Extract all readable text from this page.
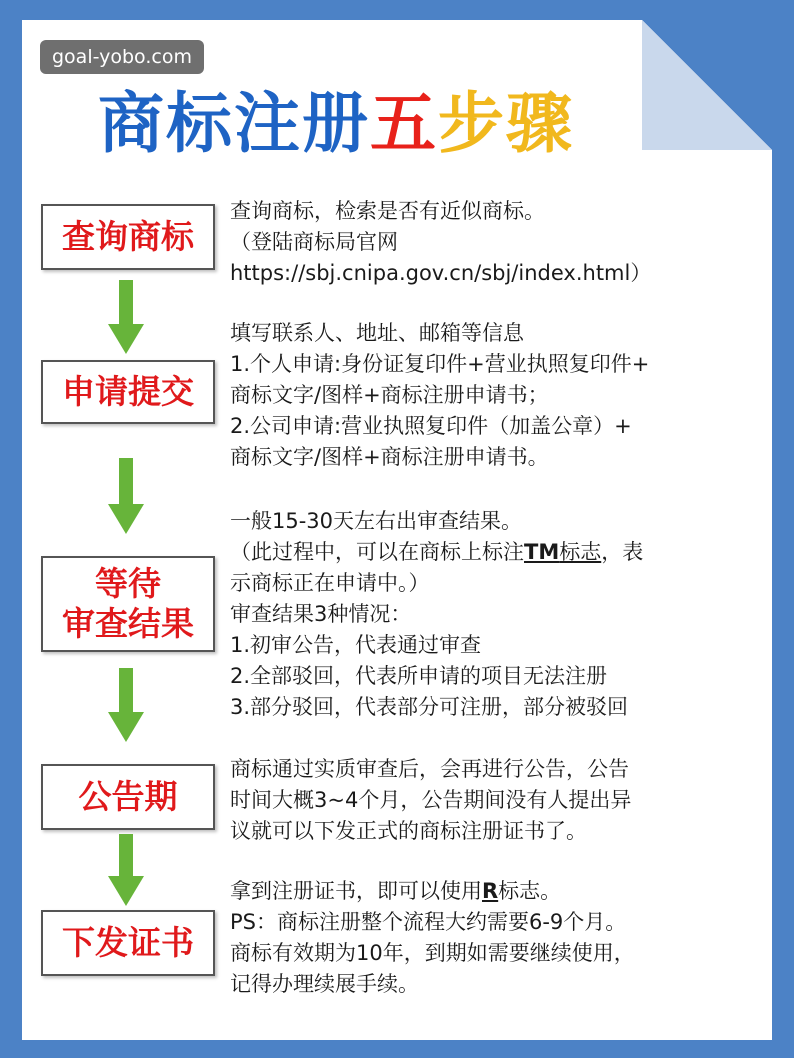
goal-yobo.com
商标注册五步骤
查询商标
查询商标，检索是否有近似商标。
（登陆商标局官网
https://sbj.cnipa.gov.cn/sbj/index.html）
申请提交
填写联系人、地址、邮箱等信息
1.个人申请:身份证复印件+营业执照复印件+
商标文字/图样+商标注册申请书；
2.公司申请:营业执照复印件（加盖公章）+
商标文字/图样+商标注册申请书。
等待
审查结果
一般15-30天左右出审查结果。
（此过程中，可以在商标上标注TM标志，表
示商标正在申请中。）
审查结果3种情况：
1.初审公告，代表通过审查
2.全部驳回，代表所申请的项目无法注册
3.部分驳回，代表部分可注册，部分被驳回
公告期
商标通过实质审查后，会再进行公告，公告
时间大概3~4个月，公告期间没有人提出异
议就可以下发正式的商标注册证书了。
下发证书
拿到注册证书，即可以使用R标志。
PS：商标注册整个流程大约需要6-9个月。
商标有效期为10年，到期如需要继续使用，
记得办理续展手续。
